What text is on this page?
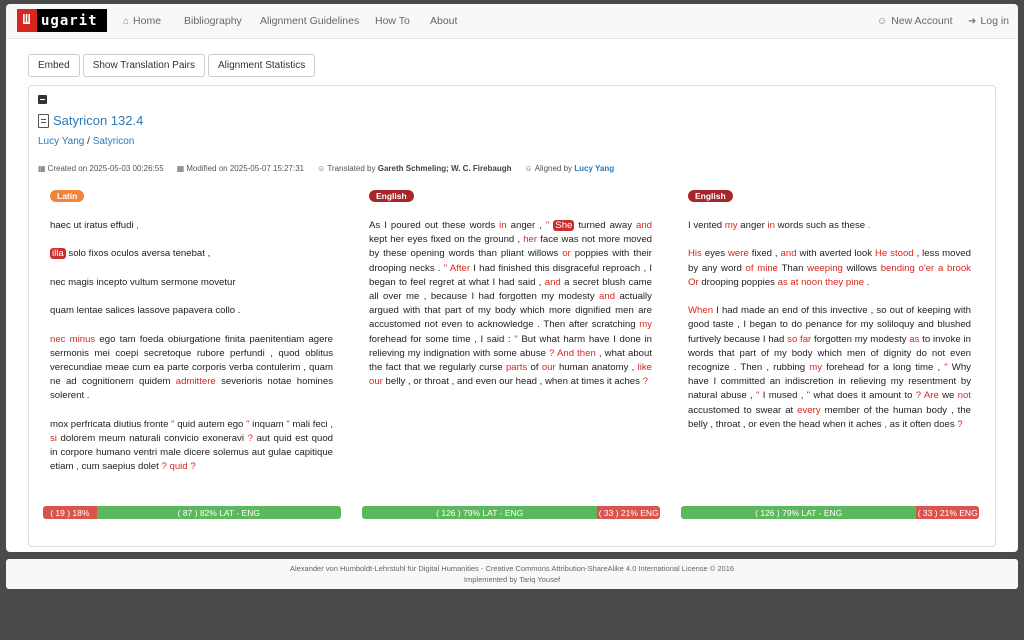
Ш ugarit	⌂ Home Bibliography Alignment Guidelines How To About	☺ New Account ➜ Log in
Embed	Show Translation Pairs	Alignment Statistics
Satyricon 132.4
Lucy Yang / Satyricon
▦ Created on 2025-05-03 00:26:55 ▦ Modified on 2025-05-07 15:27:31 ☺ Translated by Gareth Schmeling; W. C. Firebaugh ☺ Aligned by Lucy Yang
Latin

haec ut iratus effudi ,

illa solo fixos oculos aversa tenebat ,

nec magis incepto vultum sermone movetur

quam lentae salices lassove papavera collo .

nec minus ego tam foeda obiurgatione finita paenitentiam agere sermonis mei coepi secretoque rubore perfundi , quod oblitus verecundiae meae cum ea parte corporis verba contulerim , quam ne ad cognitionem quidem admittere severioris notae homines solerent .

mox perfricata diutius fronte " quid autem ego " inquam " mali feci , si dolorem meum naturali convicio exoneravi ? aut quid est quod in corpore humano ventri male dicere solemus aut gulae capitique etiam , cum saepius dolet ? quid ?

English

As I poured out these words in anger , " She turned away and kept her eyes fixed on the ground , her face was not more moved by these opening words than pliant willows or poppies with their drooping necks . " After I had finished this disgraceful reproach , I began to feel regret at what I had said , and a secret blush came all over me , because I had forgotten my modesty and actually argued with that part of my body which more dignified men are accustomed not even to acknowledge . Then after scratching my forehead for some time , I said : " But what harm have I done in relieving my indignation with some abuse ? And then , what about the fact that we regularly curse parts of our human anatomy , like our belly , or throat , and even our head , when at times it aches ?

English

I vented my anger in words such as these .

His eyes were fixed , and with averted look He stood , less moved by any word of mine Than weeping willows bending o'er a brook Or drooping poppies as at noon they pine .

When I had made an end of this invective , so out of keeping with good taste , I began to do penance for my soliloquy and blushed furtively because I had so far forgotten my modesty as to invoke in words that part of my body which men of dignity do not even recognize . Then , rubbing my forehead for a long time , " Why have I committed an indiscretion in relieving my resentment by natural abuse , " I mused , " what does it amount to ? Are we not accustomed to swear at every member of the human body , the belly , throat , or even the head when it aches , as it often does ?

( 19 ) 18%	( 87 ) 82% LAT - ENG	( 126 ) 79% LAT - ENG	( 33 ) 21% ENG	( 126 ) 79% LAT - ENG	( 33 ) 21% ENG
Alexander von Humboldt-Lehrstuhl für Digital Humanities - Creative Commons Attribution-ShareAlike 4.0 International License © 2016
Implemented by Tariq Yousef
